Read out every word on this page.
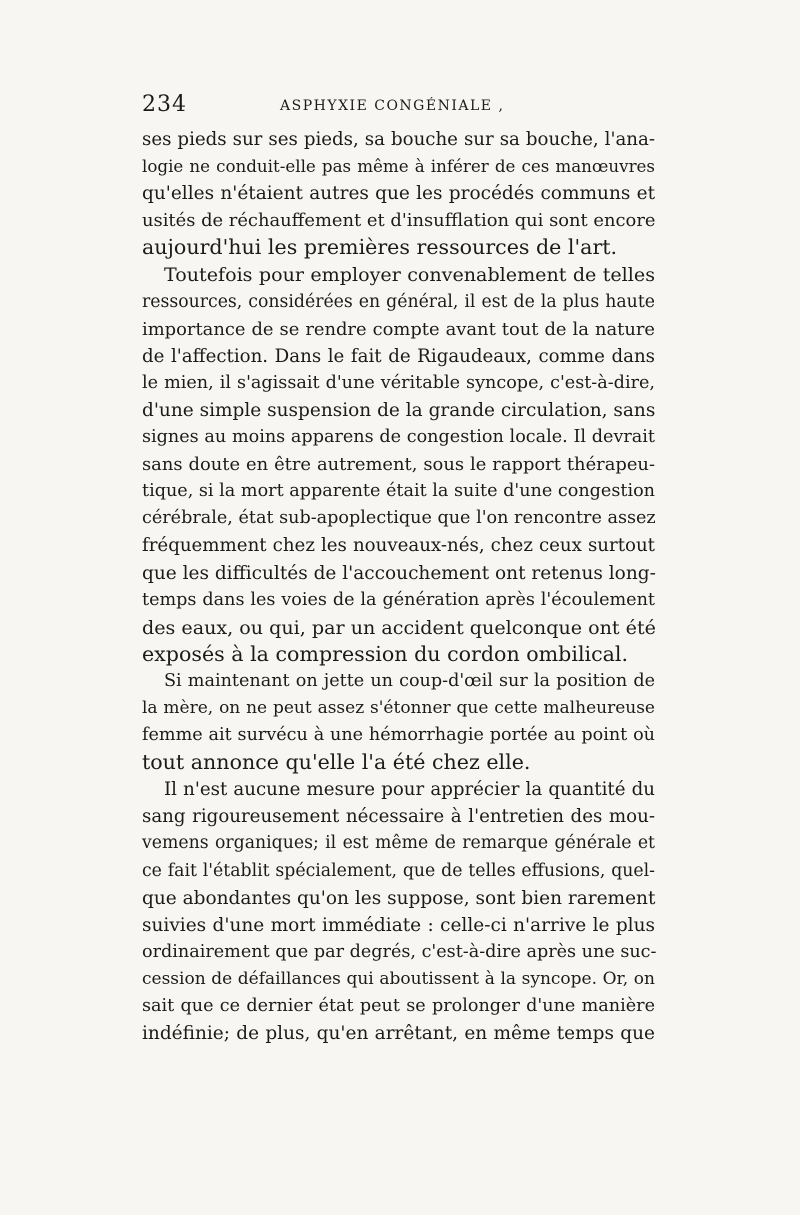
234	ASPHYXIE CONGÉNIALE ,
ses pieds sur ses pieds, sa bouche sur sa bouche, l'ana-
logie ne conduit-elle pas même à inférer de ces manœuvres
qu'elles n'étaient autres que les procédés communs et
usités de réchauffement et d'insufflation qui sont encore
aujourd'hui les premières ressources de l'art.
Toutefois pour employer convenablement de telles
ressources, considérées en général, il est de la plus haute
importance de se rendre compte avant tout de la nature
de l'affection. Dans le fait de Rigaudeaux, comme dans
le mien, il s'agissait d'une véritable syncope, c'est-à-dire,
d'une simple suspension de la grande circulation, sans
signes au moins apparens de congestion locale. Il devrait
sans doute en être autrement, sous le rapport thérapeu-
tique, si la mort apparente était la suite d'une congestion
cérébrale, état sub-apoplectique que l'on rencontre assez
fréquemment chez les nouveaux-nés, chez ceux surtout
que les difficultés de l'accouchement ont retenus long-
temps dans les voies de la génération après l'écoulement
des eaux, ou qui, par un accident quelconque ont été
exposés à la compression du cordon ombilical.
Si maintenant on jette un coup-d'œil sur la position de
la mère, on ne peut assez s'étonner que cette malheureuse
femme ait survécu à une hémorrhagie portée au point où
tout annonce qu'elle l'a été chez elle.
Il n'est aucune mesure pour apprécier la quantité du
sang rigoureusement nécessaire à l'entretien des mou-
vemens organiques; il est même de remarque générale et
ce fait l'établit spécialement, que de telles effusions, quel-
que abondantes qu'on les suppose, sont bien rarement
suivies d'une mort immédiate : celle-ci n'arrive le plus
ordinairement que par degrés, c'est-à-dire après une suc-
cession de défaillances qui aboutissent à la syncope. Or, on
sait que ce dernier état peut se prolonger d'une manière
indéfinie; de plus, qu'en arrêtant, en même temps que
